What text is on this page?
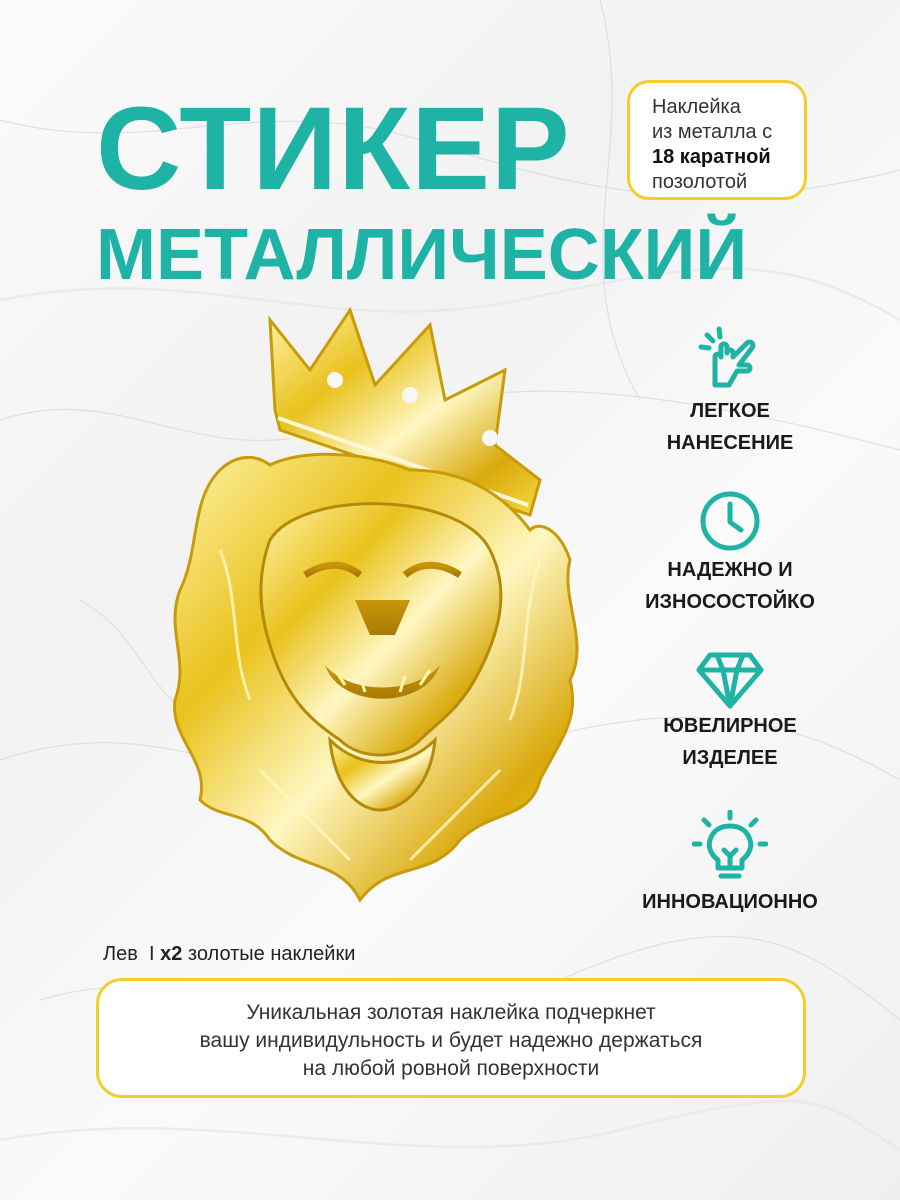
СТИКЕР
МЕТАЛЛИЧЕСКИЙ
Наклейка
из металла с
18 каратной
позолотой
ЛЕГКОЕ
НАНЕСЕНИЕ
НАДЕЖНО И
ИЗНОСОСТОЙКО
ЮВЕЛИРНОЕ
ИЗДЕЛЕЕ
ИННОВАЦИОННО
Лев  I x2 золотые наклейки
Уникальная золотая наклейка подчеркнет
вашу индивидульность и будет надежно держаться
на любой ровной поверхности
